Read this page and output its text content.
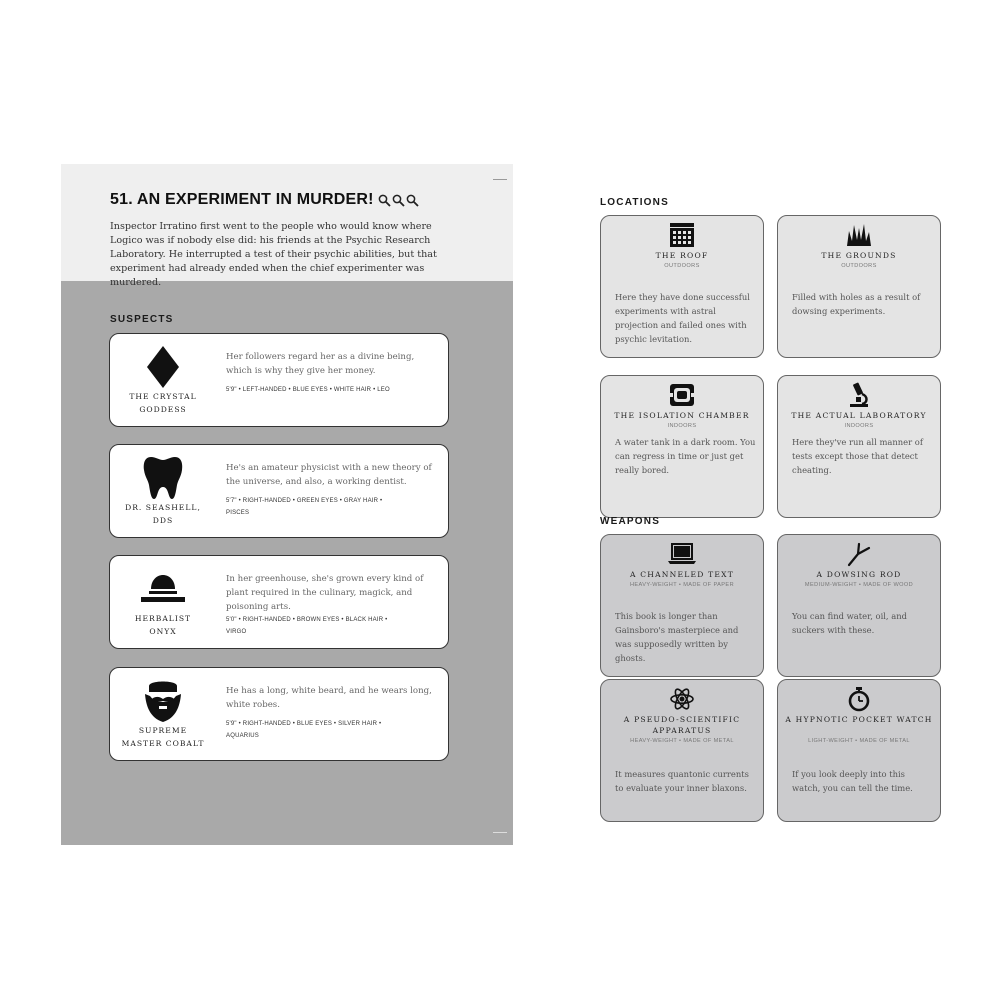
51. AN EXPERIMENT IN MURDER!
Inspector Irratino first went to the people who would know where Logico was if nobody else did: his friends at the Psychic Research Laboratory. He interrupted a test of their psychic abilities, but that experiment had already ended when the chief experimenter was murdered.
SUSPECTS
THE CRYSTAL
GODDESS
Her followers regard her as a divine being, which is why they give her money.
5'9" • LEFT-HANDED • BLUE EYES • WHITE HAIR • LEO
DR. SEASHELL,
DDS
He's an amateur physicist with a new theory of the universe, and also, a working dentist.
5'7" • RIGHT-HANDED • GREEN EYES • GRAY HAIR • PISCES
HERBALIST
ONYX
In her greenhouse, she's grown every kind of plant required in the culinary, magick, and poisoning arts.
5'0" • RIGHT-HANDED • BROWN EYES • BLACK HAIR • VIRGO
SUPREME
MASTER COBALT
He has a long, white beard, and he wears long, white robes.
5'9" • RIGHT-HANDED • BLUE EYES • SILVER HAIR • AQUARIUS
LOCATIONS
THE ROOF
OUTDOORS
Here they have done successful experiments with astral projection and failed ones with psychic levitation.
THE GROUNDS
OUTDOORS
Filled with holes as a result of dowsing experiments.
THE ISOLATION CHAMBER
INDOORS
A water tank in a dark room. You can regress in time or just get really bored.
THE ACTUAL LABORATORY
INDOORS
Here they've run all manner of tests except those that detect cheating.
WEAPONS
A CHANNELED TEXT
HEAVY-WEIGHT • MADE OF PAPER
This book is longer than Gainsboro's masterpiece and was supposedly written by ghosts.
A DOWSING ROD
MEDIUM-WEIGHT • MADE OF WOOD
You can find water, oil, and suckers with these.
A PSEUDO-SCIENTIFIC APPARATUS
HEAVY-WEIGHT • MADE OF METAL
It measures quantonic currents to evaluate your inner blaxons.
A HYPNOTIC POCKET WATCH
LIGHT-WEIGHT • MADE OF METAL
If you look deeply into this watch, you can tell the time.
